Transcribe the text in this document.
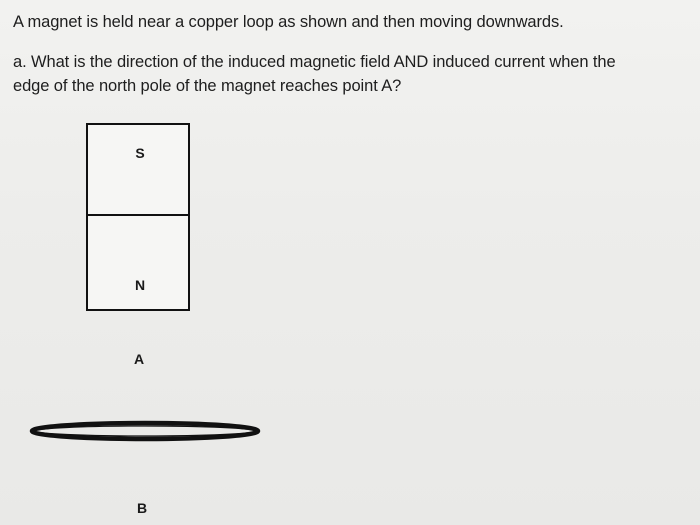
A magnet is held near a copper loop as shown and then moving downwards.
a. What is the direction of the induced magnetic field AND induced current when the
edge of the north pole of the magnet reaches point A?
S
N
A
B
